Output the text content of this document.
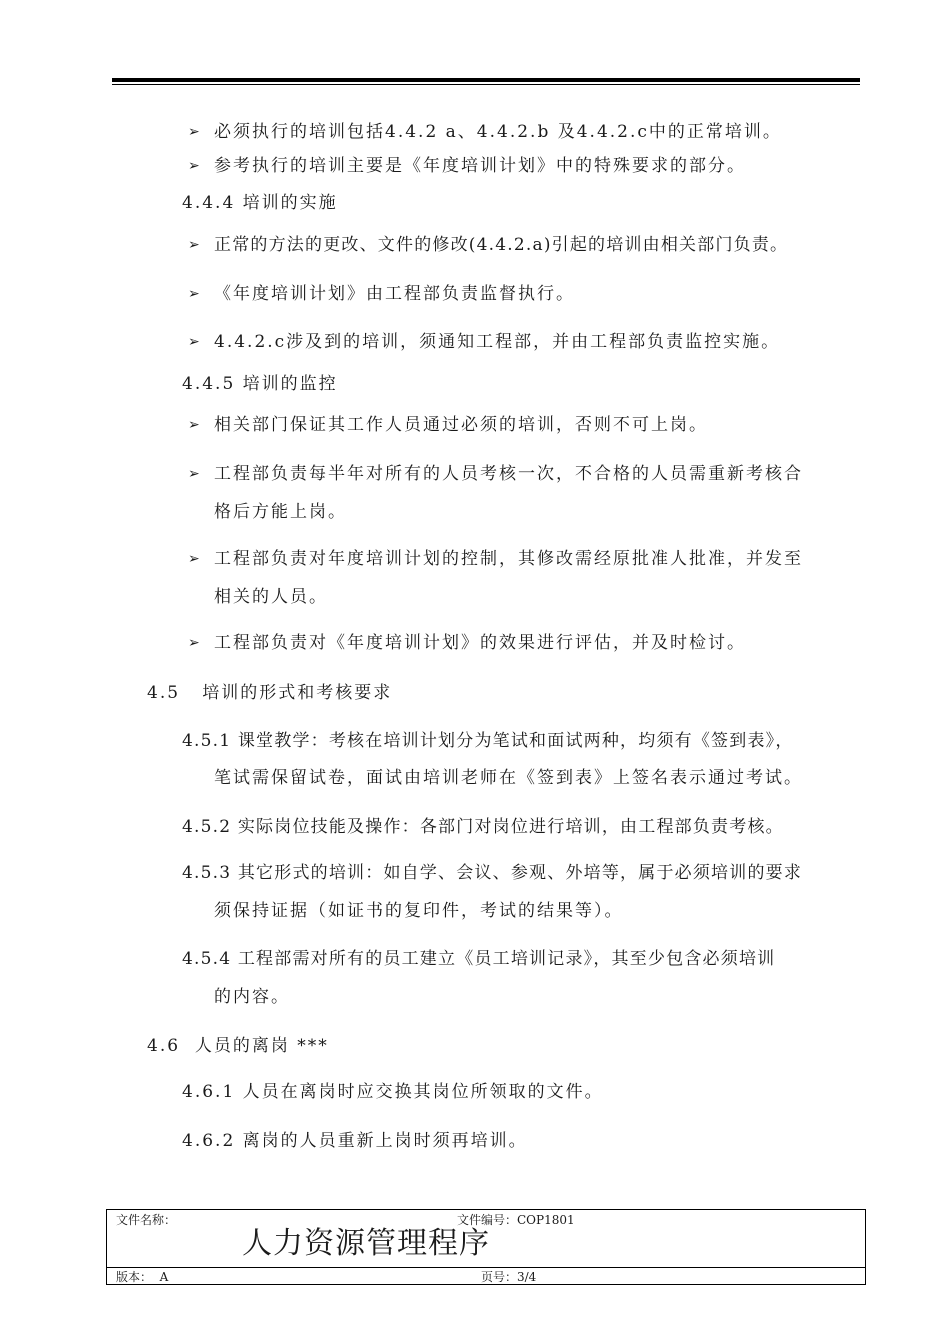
➢ 必须执行的培训包括4.4.2 a、4.4.2.b 及4.4.2.c中的正常培训。
➢ 参考执行的培训主要是《年度培训计划》中的特殊要求的部分。
4.4.4 培训的实施
➢ 正常的方法的更改、文件的修改(4.4.2.a)引起的培训由相关部门负责。
➢ 《年度培训计划》由工程部负责监督执行。
➢ 4.4.2.c涉及到的培训，须通知工程部，并由工程部负责监控实施。
4.4.5 培训的监控
➢ 相关部门保证其工作人员通过必须的培训，否则不可上岗。
➢ 工程部负责每半年对所有的人员考核一次，不合格的人员需重新考核合
格后方能上岗。
➢ 工程部负责对年度培训计划的控制，其修改需经原批准人批准，并发至
相关的人员。
➢ 工程部负责对《年度培训计划》的效果进行评估，并及时检讨。
4.5   培训的形式和考核要求
4.5.1 课堂教学：考核在培训计划分为笔试和面试两种，均须有《签到表》，
笔试需保留试卷，面试由培训老师在《签到表》上签名表示通过考试。
4.5.2 实际岗位技能及操作：各部门对岗位进行培训，由工程部负责考核。
4.5.3 其它形式的培训：如自学、会议、参观、外培等，属于必须培训的要求
须保持证据（如证书的复印件，考试的结果等）。
4.5.4 工程部需对所有的员工建立《员工培训记录》，其至少包含必须培训
的内容。
4.6  人员的离岗 ***
4.6.1 人员在离岗时应交换其岗位所领取的文件。
4.6.2 离岗的人员重新上岗时须再培训。
文件名称：	文件编号：COP1801
人力资源管理程序
版本：  A	页号：3/4
